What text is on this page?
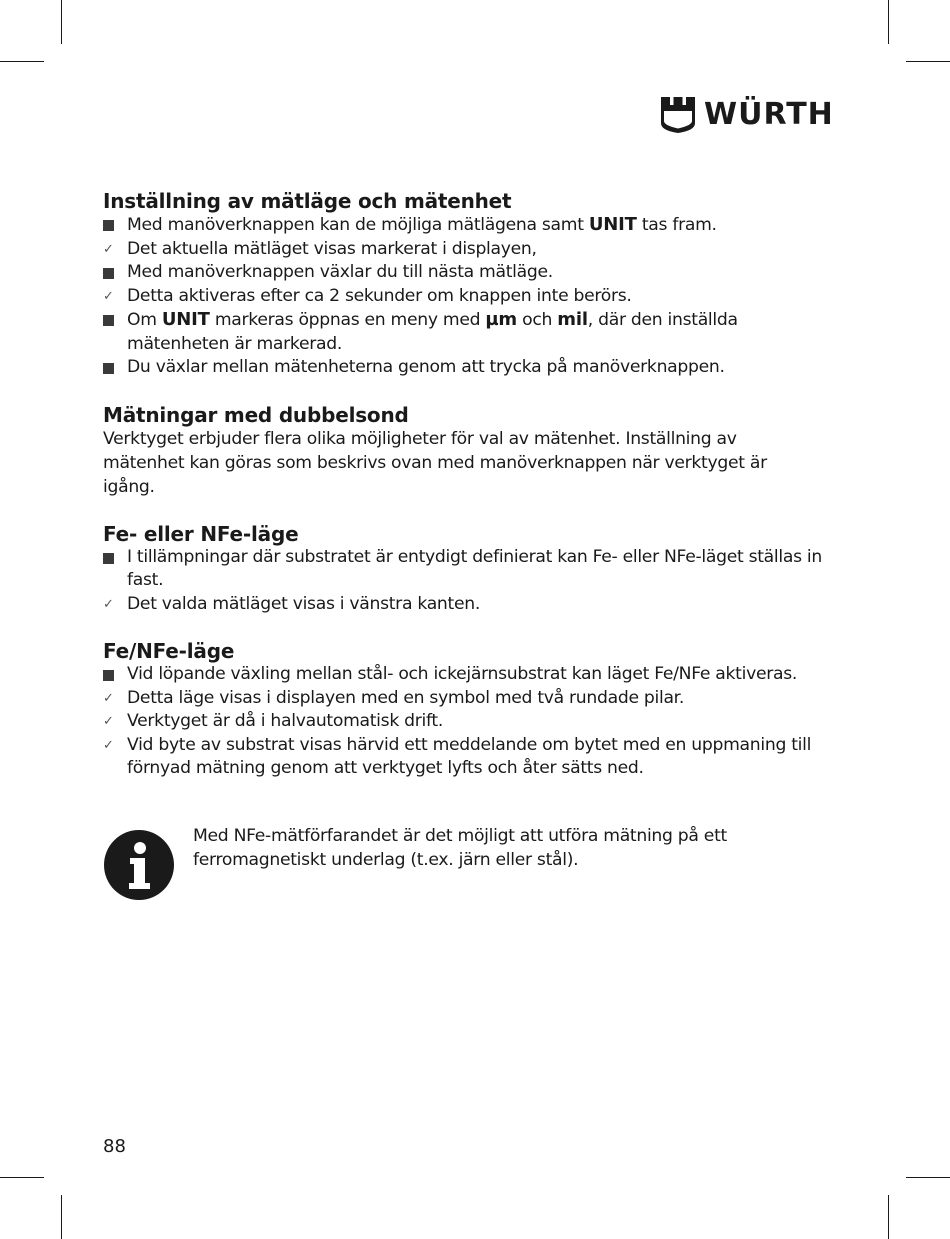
WÜRTH
Inställning av mätläge och mätenhet
Med manöverknappen kan de möjliga mätlägena samt UNIT tas fram.
✓ Det aktuella mätläget visas markerat i displayen,
Med manöverknappen växlar du till nästa mätläge.
✓ Detta aktiveras efter ca 2 sekunder om knappen inte berörs.
Om UNIT markeras öppnas en meny med µm och mil, där den inställda mätenheten är markerad.
Du växlar mellan mätenheterna genom att trycka på manöverknappen.
Mätningar med dubbelsond

Verktyget erbjuder flera olika möjligheter för val av mätenhet. Inställning av mätenhet kan göras som beskrivs ovan med manöverknappen när verktyget är igång.

Fe- eller NFe-läge
I tillämpningar där substratet är entydigt definierat kan Fe- eller NFe-läget ställas in fast.
✓ Det valda mätläget visas i vänstra kanten.
Fe/NFe-läge
Vid löpande växling mellan stål- och ickejärnsubstrat kan läget Fe/NFe aktiveras.
✓ Detta läge visas i displayen med en symbol med två rundade pilar.
✓ Verktyget är då i halvautomatisk drift.
✓ Vid byte av substrat visas härvid ett meddelande om bytet med en uppmaning till förnyad mätning genom att verktyget lyfts och åter sätts ned.
Med NFe-mätförfarandet är det möjligt att utföra mätning på ett ferromagnetiskt underlag (t.ex. järn eller stål).
88
